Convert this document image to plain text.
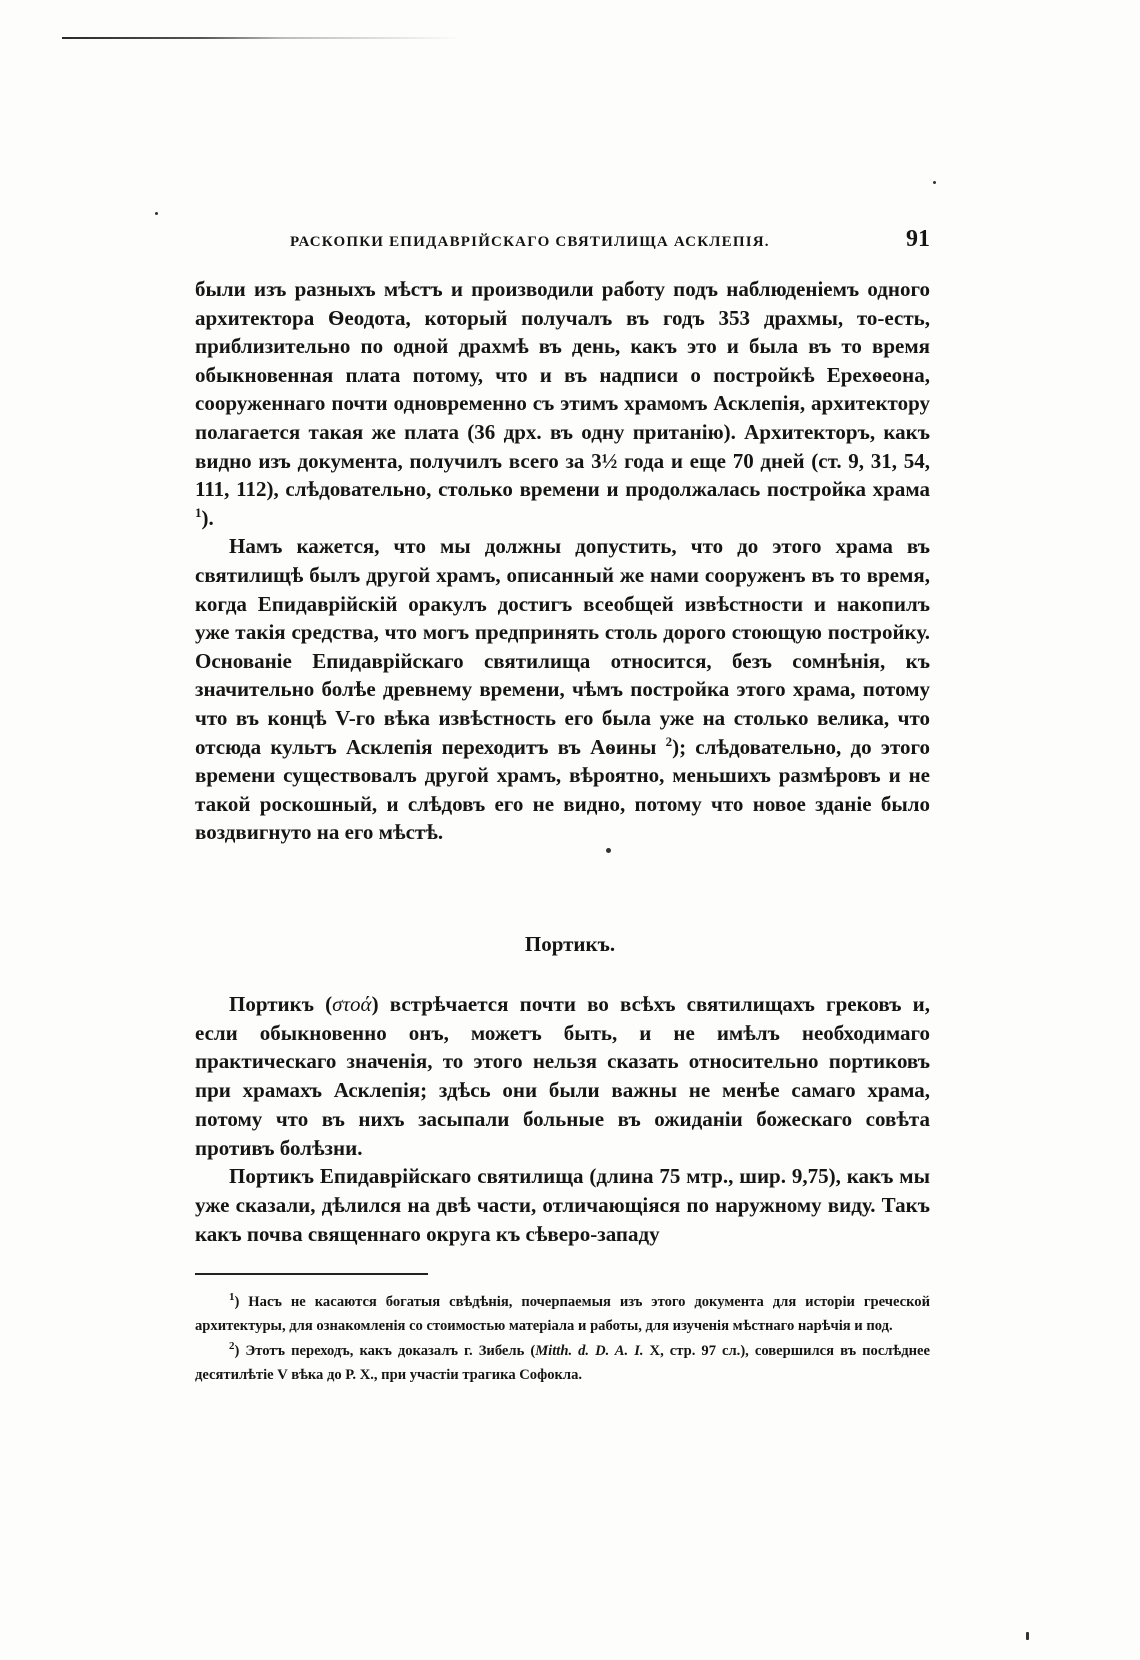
РАСКОПКИ ЕПИДАВРІЙСКАГО СВЯТИЛИЩА АСКЛЕПІЯ.	91

были изъ разныхъ мѣстъ и производили работу подъ наблюденіемъ одного архитектора Ѳеодота, который получалъ въ годъ 353 драхмы, то-есть, приблизительно по одной драхмѣ въ день, какъ это и была въ то время обыкновенная плата потому, что и въ надписи о постройкѣ Ерехѳеона, сооруженнаго почти одновременно съ этимъ храмомъ Асклепія, архитектору полагается такая же плата (36 дрх. въ одну пританію). Архитекторъ, какъ видно изъ документа, получилъ всего за 3½ года и еще 70 дней (ст. 9, 31, 54, 111, 112), слѣдовательно, столько времени и продолжалась постройка храма $^1$).

Намъ кажется, что мы должны допустить, что до этого храма въ святилищѣ былъ другой храмъ, описанный же нами сооруженъ въ то время, когда Епидаврійскій оракулъ достигъ всеобщей извѣстности и накопилъ уже такія средства, что могъ предпринять столь дорого стоющую постройку. Основаніе Епидаврійскаго святилища относится, безъ сомнѣнія, къ значительно болѣе древнему времени, чѣмъ постройка этого храма, потому что въ концѣ V-го вѣка извѣстность его была уже на столько велика, что отсюда культъ Асклепія переходитъ въ Аѳины $^2$); слѣдовательно, до этого времени существовалъ другой храмъ, вѣроятно, меньшихъ размѣровъ и не такой роскошный, и слѣдовъ его не видно, потому что новое зданіе было воздвигнуто на его мѣстѣ.

Портикъ.

Портикъ (στοά) встрѣчается почти во всѣхъ святилищахъ грековъ и, если обыкновенно онъ, можетъ быть, и не имѣлъ необходимаго практическаго значенія, то этого нельзя сказать относительно портиковъ при храмахъ Асклепія; здѣсь они были важны не менѣе самаго храма, потому что въ нихъ засыпали больные въ ожиданіи божескаго совѣта противъ болѣзни.

Портикъ Епидаврійскаго святилища (длина 75 мтр., шир. 9,75), какъ мы уже сказали, дѣлился на двѣ части, отличающіяся по наружному виду. Такъ какъ почва священнаго округа къ сѣверо-западу

$^1$) Насъ не касаются богатыя свѣдѣнія, почерпаемыя изъ этого документа для исторіи греческой архитектуры, для ознакомленія со стоимостью матеріала и работы, для изученія мѣстнаго нарѣчія и под.

$^2$) Этотъ переходъ, какъ доказалъ г. Зибель (Mitth. d. D. A. I. X, стр. 97 сл.), совершился въ послѣднее десятилѣтіе V вѣка до Р. Х., при участіи трагика Софокла.
